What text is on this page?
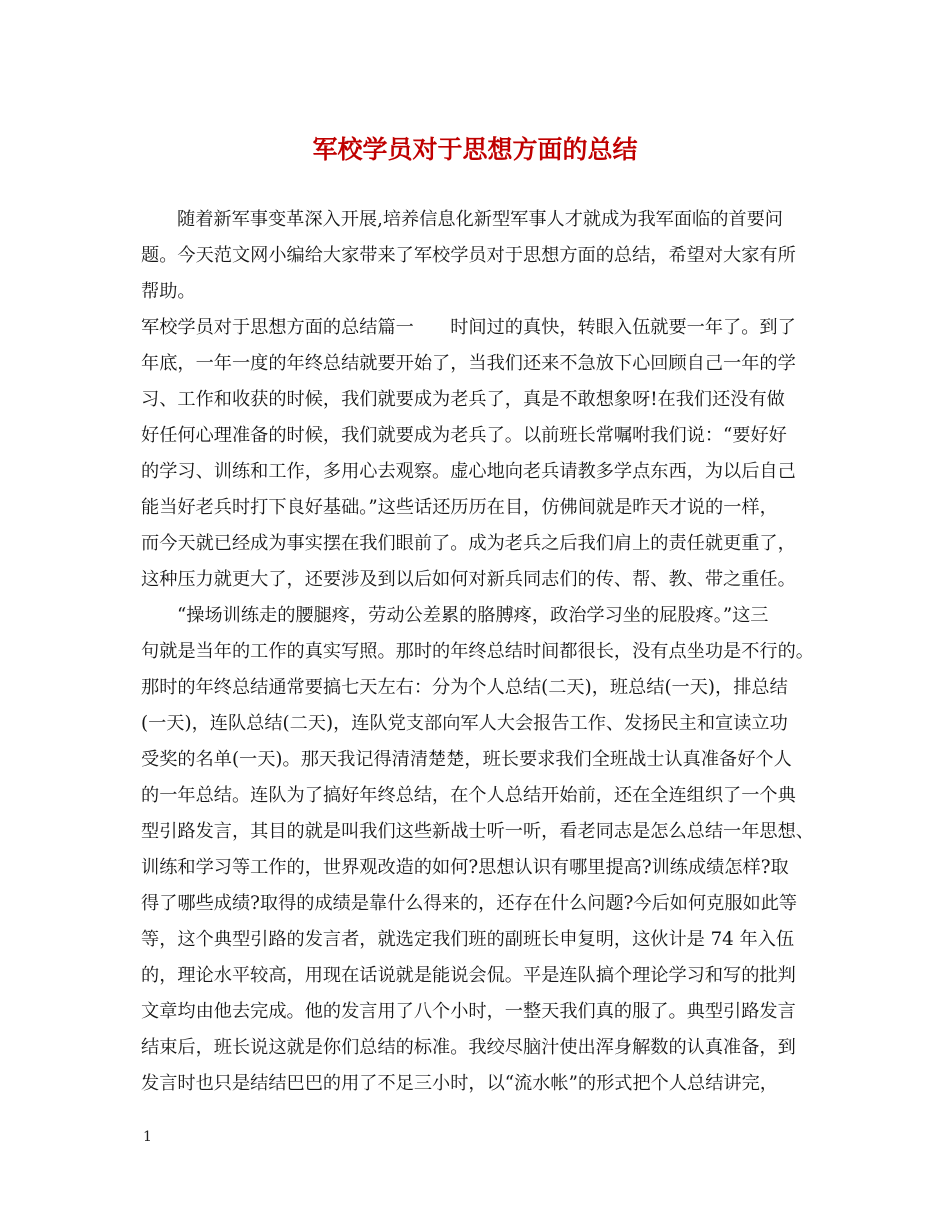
军校学员对于思想方面的总结
随着新军事变革深入开展,培养信息化新型军事人才就成为我军面临的首要问
题。今天范文网小编给大家带来了军校学员对于思想方面的总结，希望对大家有所
帮助。
军校学员对于思想方面的总结篇一　　时间过的真快，转眼入伍就要一年了。到了
年底，一年一度的年终总结就要开始了，当我们还来不急放下心回顾自己一年的学
习、工作和收获的时候，我们就要成为老兵了，真是不敢想象呀!在我们还没有做
好任何心理准备的时候，我们就要成为老兵了。以前班长常嘱咐我们说：“要好好
的学习、训练和工作，多用心去观察。虚心地向老兵请教多学点东西，为以后自己
能当好老兵时打下良好基础。”这些话还历历在目，仿佛间就是昨天才说的一样，
而今天就已经成为事实摆在我们眼前了。成为老兵之后我们肩上的责任就更重了，
这种压力就更大了，还要涉及到以后如何对新兵同志们的传、帮、教、带之重任。
“操场训练走的腰腿疼，劳动公差累的胳膊疼，政治学习坐的屁股疼。”这三
句就是当年的工作的真实写照。那时的年终总结时间都很长，没有点坐功是不行的。
那时的年终总结通常要搞七天左右：分为个人总结(二天)，班总结(一天)，排总结
(一天)，连队总结(二天)，连队党支部向军人大会报告工作、发扬民主和宣读立功
受奖的名单(一天)。那天我记得清清楚楚，班长要求我们全班战士认真准备好个人
的一年总结。连队为了搞好年终总结，在个人总结开始前，还在全连组织了一个典
型引路发言，其目的就是叫我们这些新战士听一听，看老同志是怎么总结一年思想、
训练和学习等工作的，世界观改造的如何?思想认识有哪里提高?训练成绩怎样?取
得了哪些成绩?取得的成绩是靠什么得来的，还存在什么问题?今后如何克服如此等
等，这个典型引路的发言者，就选定我们班的副班长申复明，这伙计是 74 年入伍
的，理论水平较高，用现在话说就是能说会侃。平是连队搞个理论学习和写的批判
文章均由他去完成。他的发言用了八个小时，一整天我们真的服了。典型引路发言
结束后，班长说这就是你们总结的标准。我绞尽脑汁使出浑身解数的认真准备，到
发言时也只是结结巴巴的用了不足三小时，以“流水帐”的形式把个人总结讲完，
1
